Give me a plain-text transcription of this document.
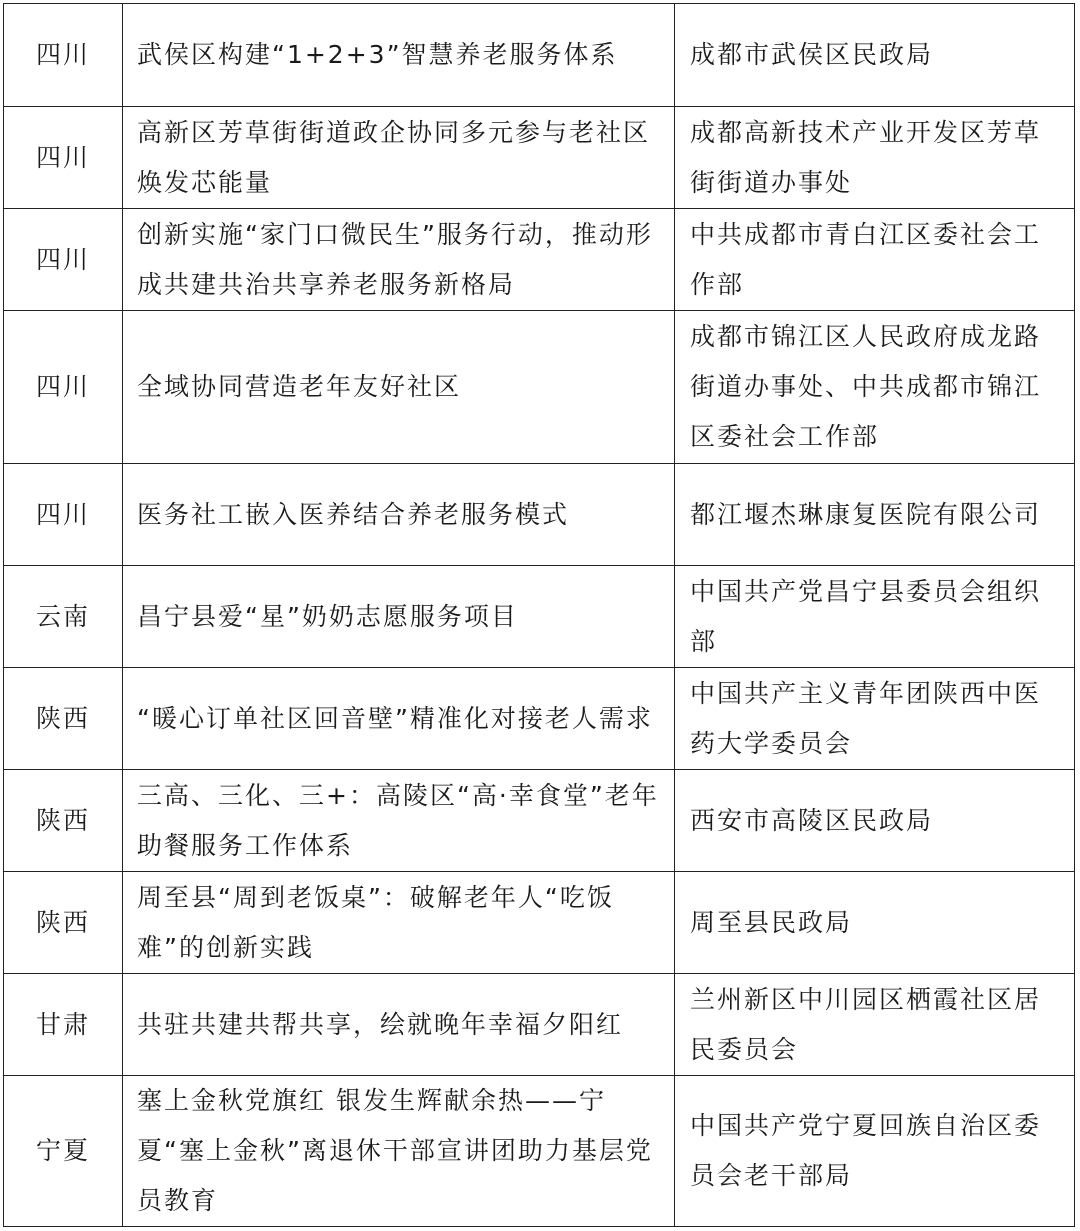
四川	武侯区构建“1+2+3”智慧养老服务体系	成都市武侯区民政局
四川	高新区芳草街街道政企协同多元参与老社区焕发芯能量	成都高新技术产业开发区芳草街街道办事处
四川	创新实施“家门口微民生”服务行动，推动形成共建共治共享养老服务新格局	中共成都市青白江区委社会工作部
四川	全域协同营造老年友好社区	成都市锦江区人民政府成龙路街道办事处、中共成都市锦江区委社会工作部
四川	医务社工嵌入医养结合养老服务模式	都江堰杰琳康复医院有限公司
云南	昌宁县爱“星”奶奶志愿服务项目	中国共产党昌宁县委员会组织部
陕西	“暖心订单社区回音壁”精准化对接老人需求	中国共产主义青年团陕西中医药大学委员会
陕西	三高、三化、三+：高陵区“高·幸食堂”老年助餐服务工作体系	西安市高陵区民政局
陕西	周至县“周到老饭桌”：破解老年人“吃饭难”的创新实践	周至县民政局
甘肃	共驻共建共帮共享，绘就晚年幸福夕阳红	兰州新区中川园区栖霞社区居民委员会
宁夏	塞上金秋党旗红 银发生辉献余热——宁夏“塞上金秋”离退休干部宣讲团助力基层党员教育	中国共产党宁夏回族自治区委员会老干部局
